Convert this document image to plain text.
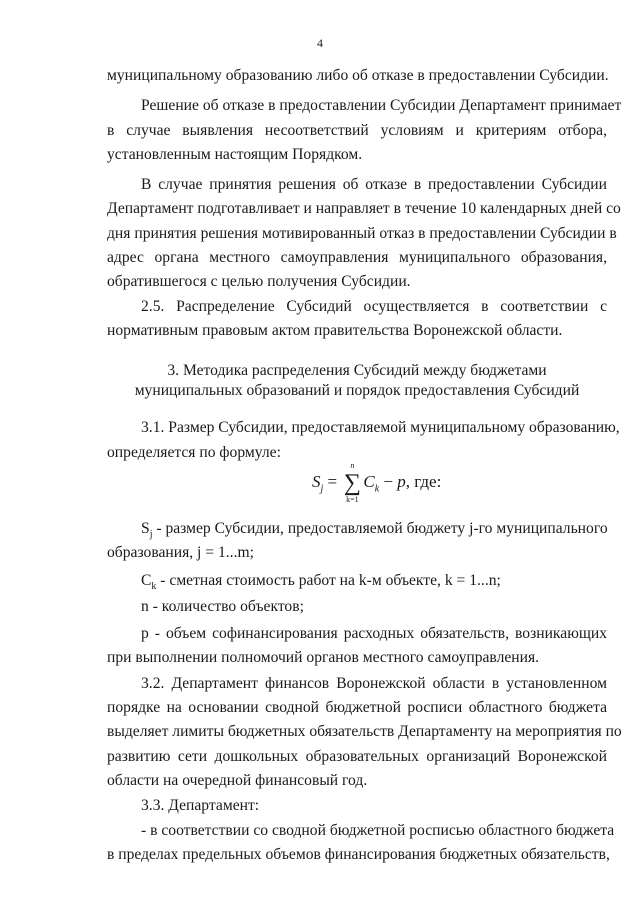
4
муниципальному образованию либо об отказе в предоставлении Субсидии.
Решение об отказе в предоставлении Субсидии Департамент принимает
в случае выявления несоответствий условиям и критериям отбора,
установленным настоящим Порядком.
В случае принятия решения об отказе в предоставлении Субсидии
Департамент подготавливает и направляет в течение 10 календарных дней со
дня принятия решения мотивированный отказ в предоставлении Субсидии в
адрес органа местного самоуправления муниципального образования,
обратившегося с целью получения Субсидии.
2.5. Распределение Субсидий осуществляется в соответствии с
нормативным правовым актом правительства Воронежской области.
3. Методика распределения Субсидий между бюджетами
муниципальных образований и порядок предоставления Субсидий
3.1. Размер Субсидии, предоставляемой муниципальному образованию,
определяется по формуле:
$S_j$ =
n
∑
k=1
$C_k - p$, где:
$S_j$ - размер Субсидии, предоставляемой бюджету j-го муниципального
образования, j = 1...m;
$C_k$ - сметная стоимость работ на k-м объекте, k = 1...n;
n - количество объектов;
p - объем софинансирования расходных обязательств, возникающих
при выполнении полномочий органов местного самоуправления.
3.2. Департамент финансов Воронежской области в установленном
порядке на основании сводной бюджетной росписи областного бюджета
выделяет лимиты бюджетных обязательств Департаменту на мероприятия по
развитию сети дошкольных образовательных организаций Воронежской
области на очередной финансовый год.
3.3. Департамент:
- в соответствии со сводной бюджетной росписью областного бюджета
в пределах предельных объемов финансирования бюджетных обязательств,
